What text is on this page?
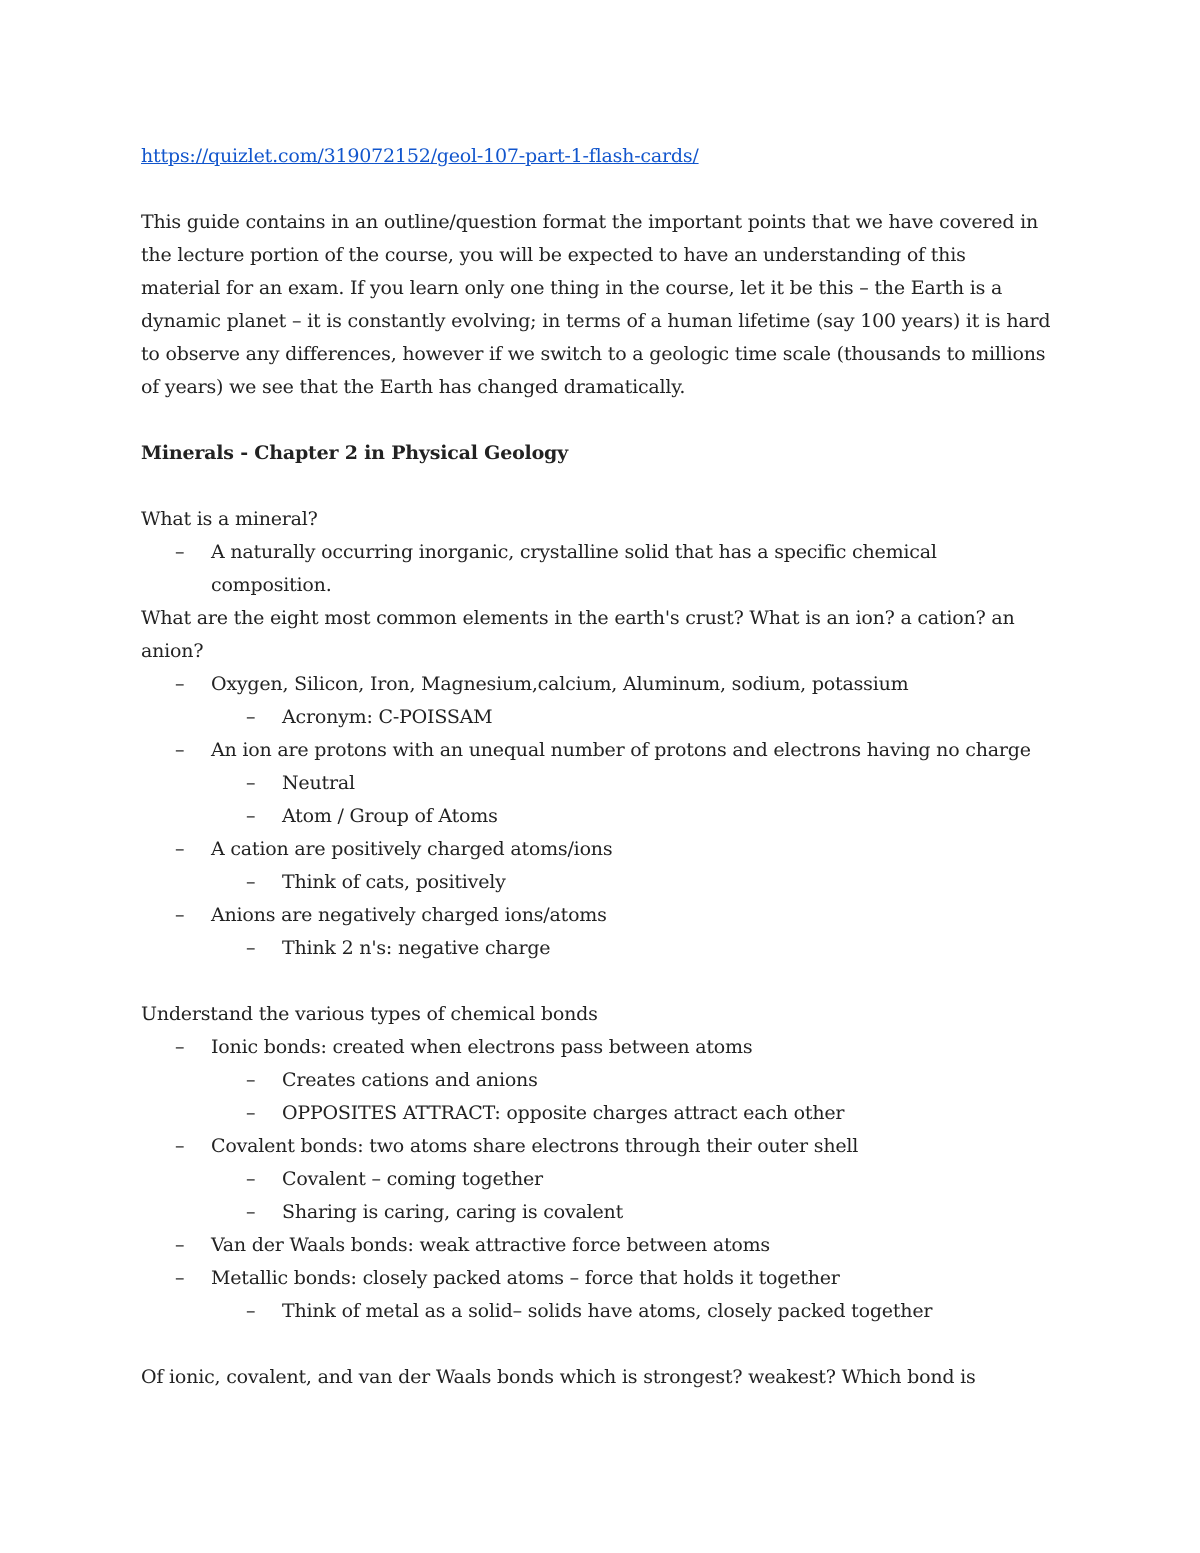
https://quizlet.com/319072152/geol-107-part-1-flash-cards/
This guide contains in an outline/question format the important points that we have covered in
the lecture portion of the course, you will be expected to have an understanding of this
material for an exam. If you learn only one thing in the course, let it be this – the Earth is a
dynamic planet – it is constantly evolving; in terms of a human lifetime (say 100 years) it is hard
to observe any differences, however if we switch to a geologic time scale (thousands to millions
of years) we see that the Earth has changed dramatically.
Minerals - Chapter 2 in Physical Geology
What is a mineral?
– A naturally occurring inorganic, crystalline solid that has a specific chemical
composition.
What are the eight most common elements in the earth's crust? What is an ion? a cation? an
anion?
– Oxygen, Silicon, Iron, Magnesium,calcium, Aluminum, sodium, potassium
– Acronym: C-POISSAM
– An ion are protons with an unequal number of protons and electrons having no charge
– Neutral
– Atom / Group of Atoms
– A cation are positively charged atoms/ions
– Think of cats, positively
– Anions are negatively charged ions/atoms
– Think 2 n's: negative charge
Understand the various types of chemical bonds
– Ionic bonds: created when electrons pass between atoms
– Creates cations and anions
– OPPOSITES ATTRACT: opposite charges attract each other
– Covalent bonds: two atoms share electrons through their outer shell
– Covalent – coming together
– Sharing is caring, caring is covalent
– Van der Waals bonds: weak attractive force between atoms
– Metallic bonds: closely packed atoms – force that holds it together
– Think of metal as a solid– solids have atoms, closely packed together
Of ionic, covalent, and van der Waals bonds which is strongest? weakest? Which bond is
